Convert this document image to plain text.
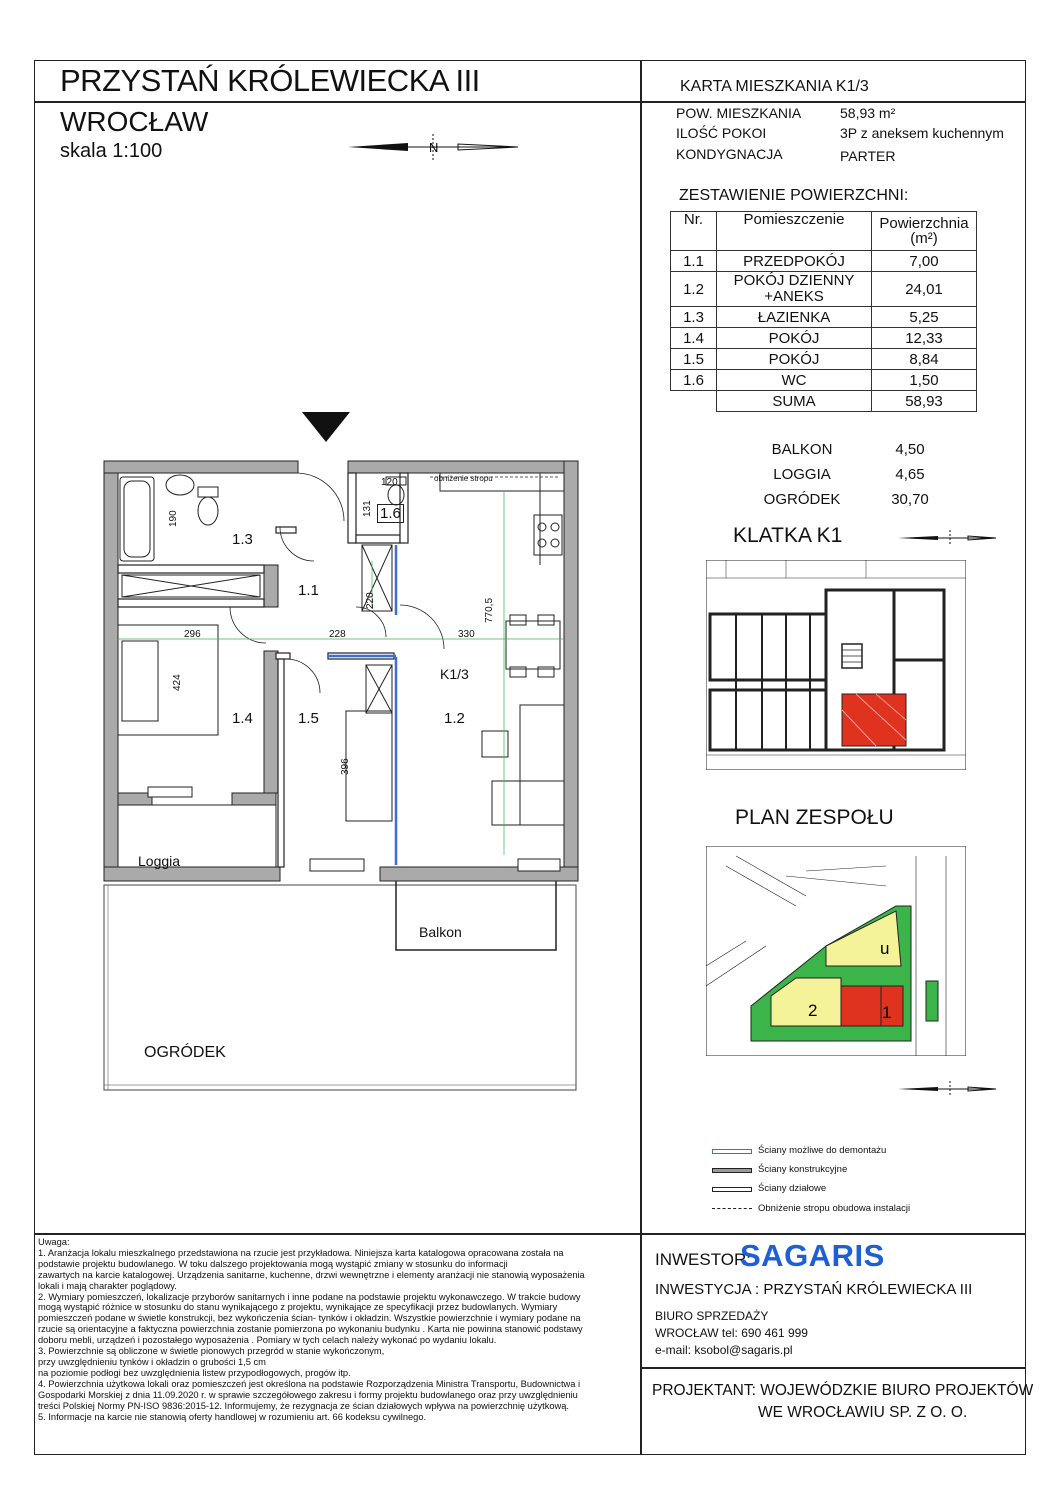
PRZYSTAŃ KRÓLEWIECKA III
WROCŁAW
skala 1:100	N
KARTA MIESZKANIA K1/3
POW. MIESZKANIA	58,93 m²
ILOŚĆ POKOI	3P z aneksem kuchennym
KONDYGNACJA	PARTER
ZESTAWIENIE POWIERZCHNI:
Nr.	Pomieszczenie	Powierzchnia (m²)
1.1	PRZEDPOKÓJ	7,00
1.2	POKÓJ DZIENNY +ANEKS	24,01
1.3	ŁAZIENKA	5,25
1.4	POKÓJ	12,33
1.5	POKÓJ	8,84
1.6	WC	1,50
	SUMA	58,93
BALKON	4,50
LOGGIA	4,65
OGRÓDEK	30,70
KLATKA K1
PLAN ZESPOŁU
u
2	1
Ściany możliwe do demontażu
Ściany konstrukcyjne
Ściany działowe
Obniżenie stropu obudowa instalacji
120
131
190
220	770,5
296	228	330
424
396
obniżenie stropu
1.3
1.6
1.1
K1/3
1.4	1.5	1.2
Loggia
Balkon
OGRÓDEK
Uwaga:
1. Aranżacja lokalu mieszkalnego przedstawiona na rzucie jest przykładowa. Niniejsza karta katalogowa opracowana została na
podstawie projektu budowlanego. W toku dalszego projektowania mogą wystąpić zmiany w stosunku do informacji
zawartych na karcie katalogowej. Urządzenia sanitarne, kuchenne, drzwi wewnętrzne i elementy aranżacji nie stanowią wyposażenia
lokali i mają charakter poglądowy.
2. Wymiary pomieszczeń, lokalizacje przyborów sanitarnych i inne podane na podstawie projektu wykonawczego. W trakcie budowy
mogą wystąpić różnice w stosunku do stanu wynikającego z projektu, wynikające ze specyfikacji przez budowlanych. Wymiary
pomieszczeń podane w świetle konstrukcji, bez wykończenia ścian- tynków i okładzin. Wszystkie powierzchnie i wymiary podane na
rzucie są orientacyjne a faktyczna powierzchnia zostanie pomierzona po wykonaniu budynku . Karta nie powinna stanowić podstawy
doboru mebli, urządzeń i pozostałego wyposażenia . Pomiary w tych celach należy wykonać po wydaniu lokalu.
3. Powierzchnie są obliczone w świetle pionowych przegród w stanie wykończonym,
przy uwzględnieniu tynków i okładzin o grubości 1,5 cm
na poziomie podłogi bez uwzględnienia listew przypodłogowych, progów itp.
4. Powierzchnia użytkowa lokali oraz pomieszczeń jest określona na podstawie Rozporządzenia Ministra Transportu, Budownictwa i
Gospodarki Morskiej z dnia 11.09.2020 r. w sprawie szczegółowego zakresu i formy projektu budowlanego oraz przy uwzględnieniu
treści Polskiej Normy PN-ISO 9836:2015-12. Informujemy, że rezygnacja ze ścian działowych wpływa na powierzchnię użytkową.
5. Informacje na karcie nie stanowią oferty handlowej w rozumieniu art. 66 kodeksu cywilnego.
INWESTOR:
SAGARIS
INWESTYCJA : PRZYSTAŃ KRÓLEWIECKA III
BIURO SPRZEDAŻY
WROCŁAW tel: 690 461 999
e-mail: ksobol@sagaris.pl
PROJEKTANT: WOJEWÓDZKIE BIURO PROJEKTÓW
WE WROCŁAWIU SP. Z O. O.
